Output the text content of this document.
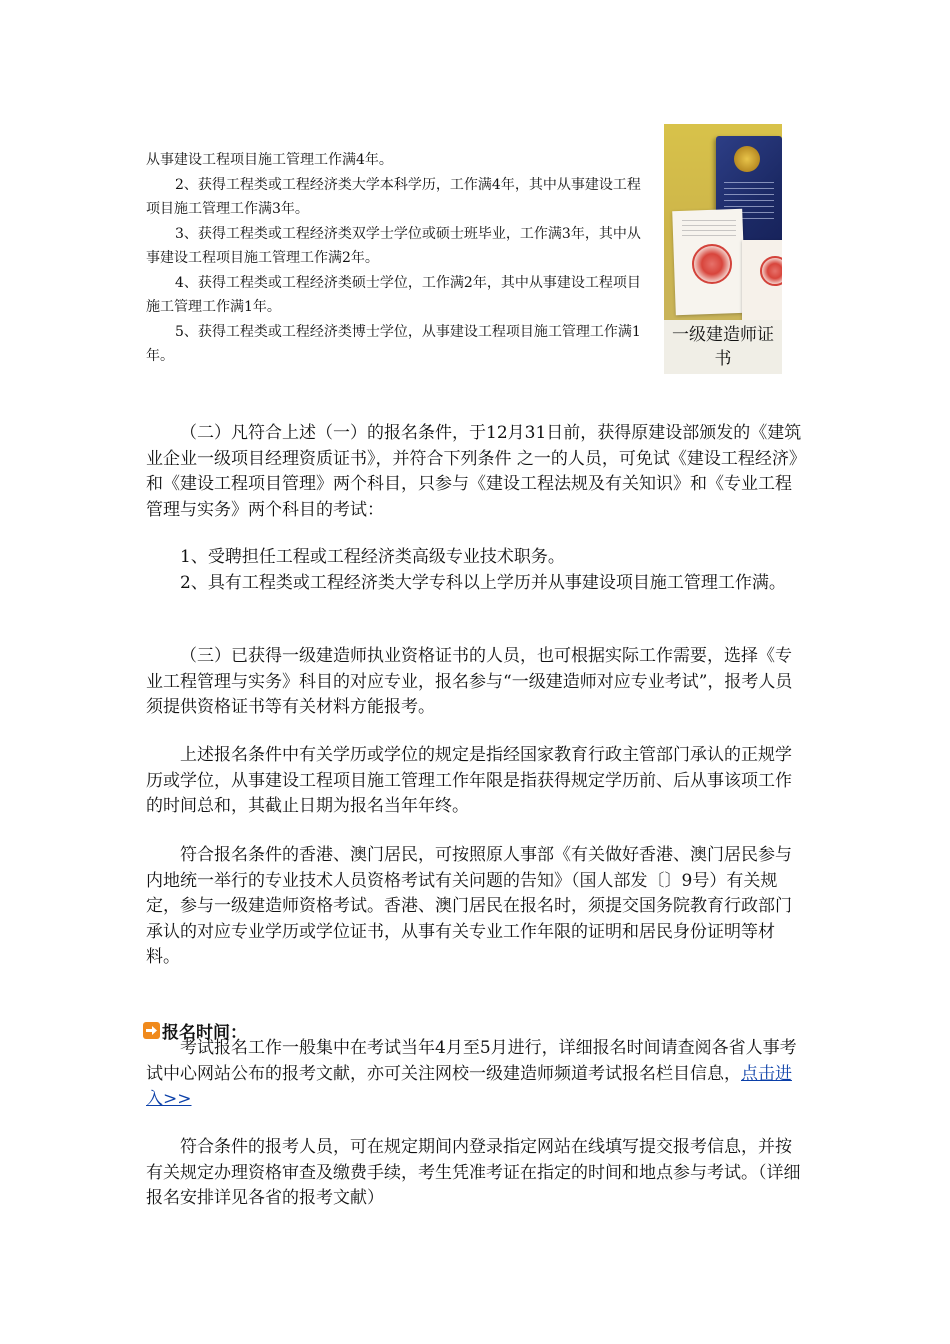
从事建设工程项目施工管理工作满4年。

2、获得工程类或工程经济类大学本科学历，工作满4年，其中从事建设工程项目施工管理工作满3年。

3、获得工程类或工程经济类双学士学位或硕士班毕业，工作满3年，其中从事建设工程项目施工管理工作满2年。

4、获得工程类或工程经济类硕士学位，工作满2年，其中从事建设工程项目施工管理工作满1年。

5、获得工程类或工程经济类博士学位，从事建设工程项目施工管理工作满1年。

一级建造师证书

（二）凡符合上述（一）的报名条件，于12月31日前，获得原建设部颁发的《建筑业企业一级项目经理资质证书》，并符合下列条件 之一的人员，可免试《建设工程经济》和《建设工程项目管理》两个科目，只参与《建设工程法规及有关知识》和《专业工程管理与实务》两个科目的考试：

1、受聘担任工程或工程经济类高级专业技术职务。

2、具有工程类或工程经济类大学专科以上学历并从事建设项目施工管理工作满。

（三）已获得一级建造师执业资格证书的人员，也可根据实际工作需要，选择《专业工程管理与实务》科目的对应专业，报名参与“一级建造师对应专业考试”，报考人员须提供资格证书等有关材料方能报考。

上述报名条件中有关学历或学位的规定是指经国家教育行政主管部门承认的正规学历或学位，从事建设工程项目施工管理工作年限是指获得规定学历前、后从事该项工作的时间总和，其截止日期为报名当年年终。

符合报名条件的香港、澳门居民，可按照原人事部《有关做好香港、澳门居民参与内地统一举行的专业技术人员资格考试有关问题的告知》（国人部发〔〕9号）有关规定，参与一级建造师资格考试。香港、澳门居民在报名时，须提交国务院教育行政部门承认的对应专业学历或学位证书，从事有关专业工作年限的证明和居民身份证明等材料。

报名时间：

考试报名工作一般集中在考试当年4月至5月进行，详细报名时间请查阅各省人事考试中心网站公布的报考文献，亦可关注网校一级建造师频道考试报名栏目信息，点击进入>>

符合条件的报考人员，可在规定期间内登录指定网站在线填写提交报考信息，并按有关规定办理资格审查及缴费手续，考生凭准考证在指定的时间和地点参与考试。（详细报名安排详见各省的报考文献）
